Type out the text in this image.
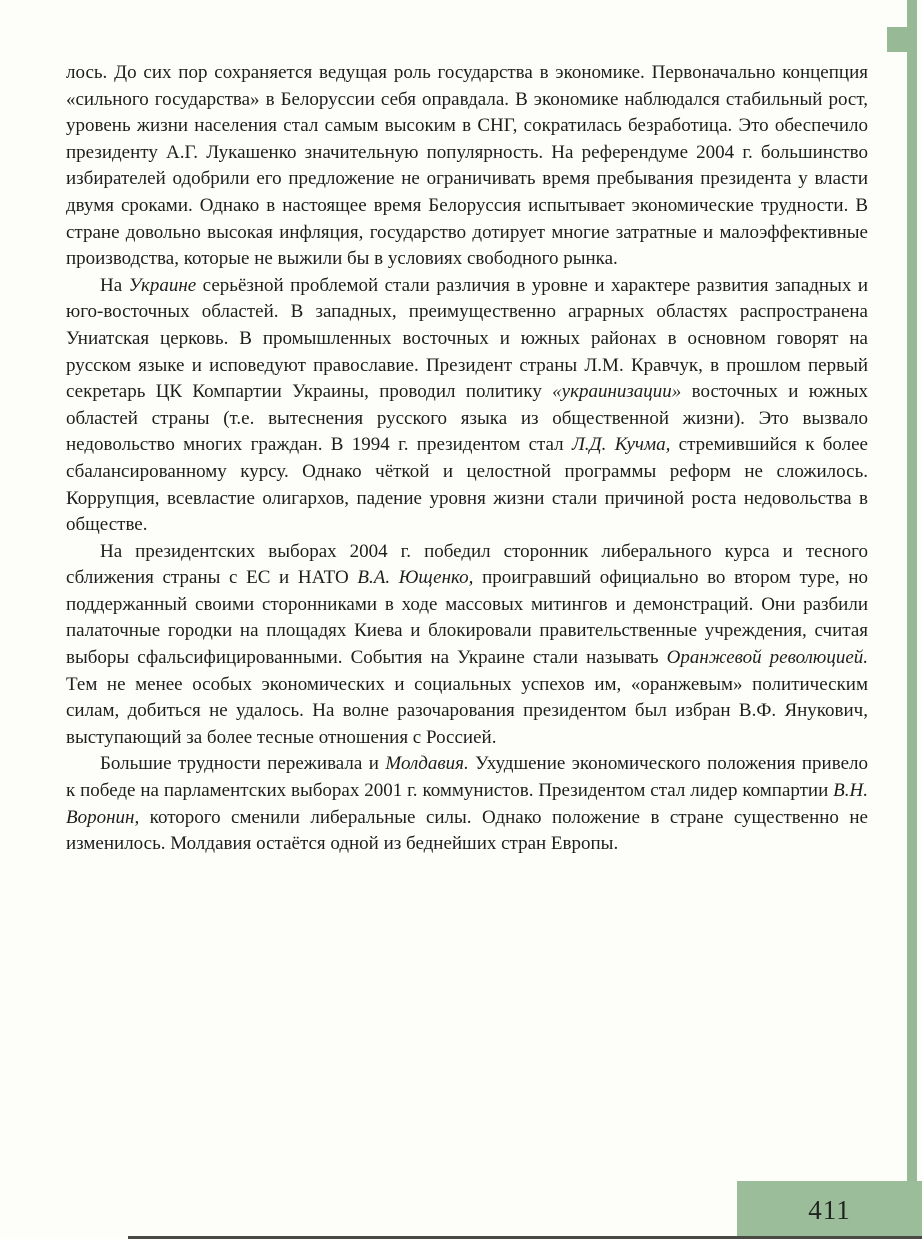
лось. До сих пор сохраняется ведущая роль государства в экономике. Первоначально концепция «сильного государства» в Белоруссии себя оправдала. В экономике наблюдался стабильный рост, уровень жизни населения стал самым высоким в СНГ, сократилась безработица. Это обеспечило президенту А.Г. Лукашенко значительную популярность. На референдуме 2004 г. большинство избирателей одобрили его предложение не ограничивать время пребывания президента у власти двумя сроками. Однако в настоящее время Белоруссия испытывает экономические трудности. В стране довольно высокая инфляция, государство дотирует многие затратные и малоэффективные производства, которые не выжили бы в условиях свободного рынка.

На Украине серьёзной проблемой стали различия в уровне и характере развития западных и юго-восточных областей. В западных, преимущественно аграрных областях распространена Униатская церковь. В промышленных восточных и южных районах в основном говорят на русском языке и исповедуют православие. Президент страны Л.М. Кравчук, в прошлом первый секретарь ЦК Компартии Украины, проводил политику «украинизации» восточных и южных областей страны (т.е. вытеснения русского языка из общественной жизни). Это вызвало недовольство многих граждан. В 1994 г. президентом стал Л.Д. Кучма, стремившийся к более сбалансированному курсу. Однако чёткой и целостной программы реформ не сложилось. Коррупция, всевластие олигархов, падение уровня жизни стали причиной роста недовольства в обществе.

На президентских выборах 2004 г. победил сторонник либерального курса и тесного сближения страны с ЕС и НАТО В.А. Ющенко, проигравший официально во втором туре, но поддержанный своими сторонниками в ходе массовых митингов и демонстраций. Они разбили палаточные городки на площадях Киева и блокировали правительственные учреждения, считая выборы сфальсифицированными. События на Украине стали называть Оранжевой революцией. Тем не менее особых экономических и социальных успехов им, «оранжевым» политическим силам, добиться не удалось. На волне разочарования президентом был избран В.Ф. Янукович, выступающий за более тесные отношения с Россией.

Большие трудности переживала и Молдавия. Ухудшение экономического положения привело к победе на парламентских выборах 2001 г. коммунистов. Президентом стал лидер компартии В.Н. Воронин, которого сменили либеральные силы. Однако положение в стране существенно не изменилось. Молдавия остаётся одной из беднейших стран Европы.

411
